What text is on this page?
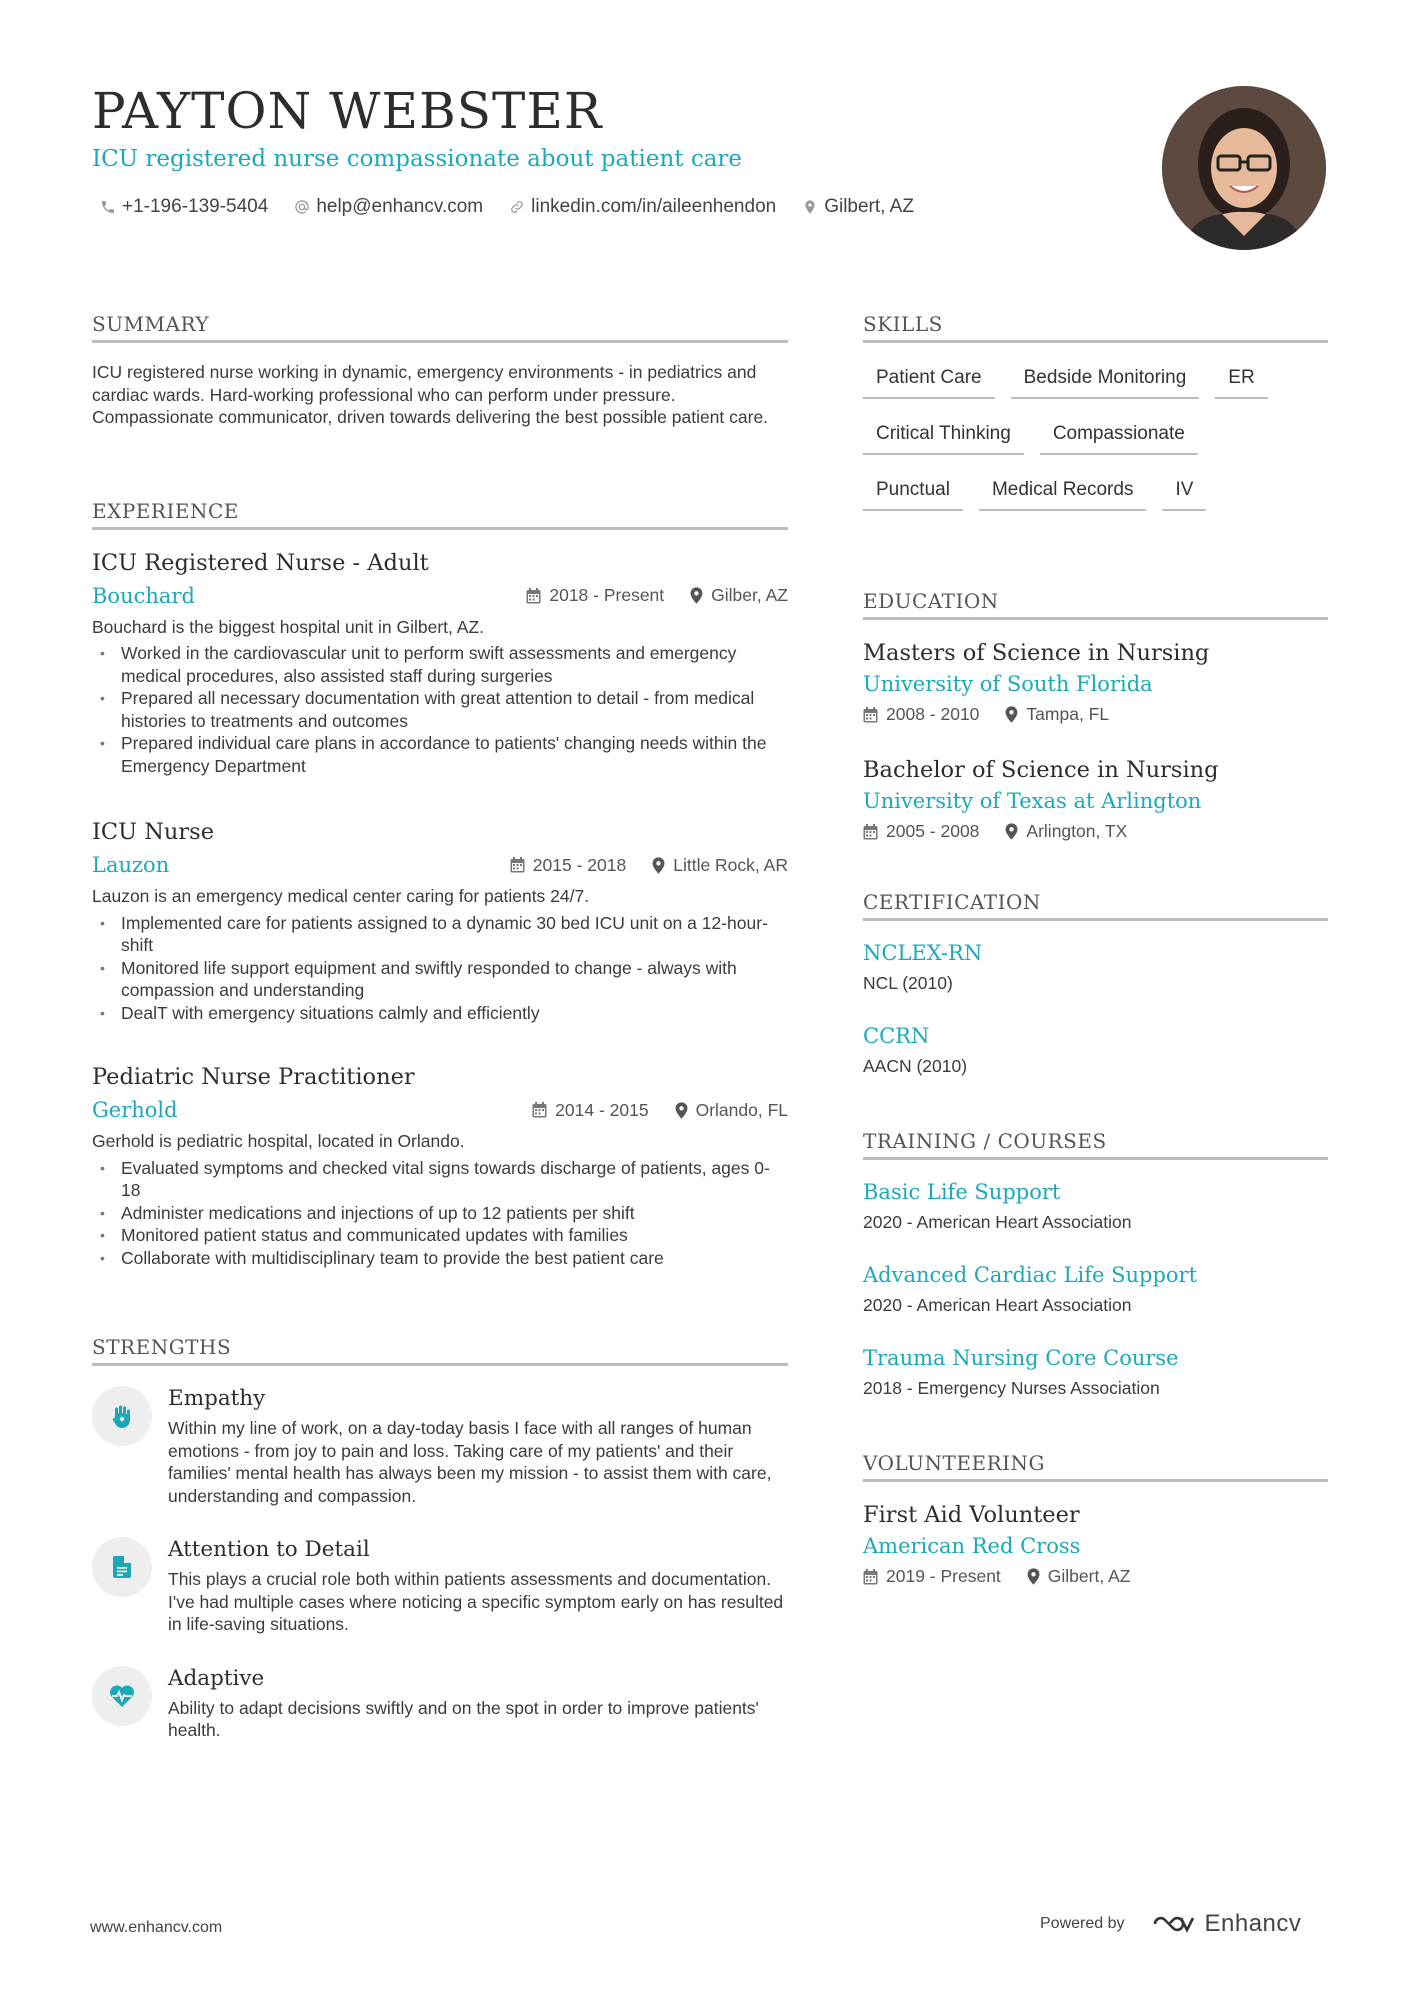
PAYTON WEBSTER
ICU registered nurse compassionate about patient care
+1-196-139-5404	help@enhancv.com	linkedin.com/in/aileenhendon	Gilbert, AZ
SUMMARY
ICU registered nurse working in dynamic, emergency environments - in pediatrics and cardiac wards. Hard-working professional who can perform under pressure. Compassionate communicator, driven towards delivering the best possible patient care.
EXPERIENCE
ICU Registered Nurse - Adult
Bouchard	2018 - Present	Gilber, AZ
Bouchard is the biggest hospital unit in Gilbert, AZ.
• Worked in the cardiovascular unit to perform swift assessments and emergency medical procedures, also assisted staff during surgeries
• Prepared all necessary documentation with great attention to detail - from medical histories to treatments and outcomes
• Prepared individual care plans in accordance to patients' changing needs within the Emergency Department
ICU Nurse
Lauzon	2015 - 2018	Little Rock, AR
Lauzon is an emergency medical center caring for patients 24/7.
• Implemented care for patients assigned to a dynamic 30 bed ICU unit on a 12-hour-shift
• Monitored life support equipment and swiftly responded to change - always with compassion and understanding
• DealT with emergency situations calmly and efficiently
Pediatric Nurse Practitioner
Gerhold	2014 - 2015	Orlando, FL
Gerhold is pediatric hospital, located in Orlando.
• Evaluated symptoms and checked vital signs towards discharge of patients, ages 0-18
• Administer medications and injections of up to 12 patients per shift
• Monitored patient status and communicated updates with families
• Collaborate with multidisciplinary team to provide the best patient care
STRENGTHS
Empathy
Within my line of work, on a day-today basis I face with all ranges of human emotions - from joy to pain and loss. Taking care of my patients' and their families' mental health has always been my mission - to assist them with care, understanding and compassion.
Attention to Detail
This plays a crucial role both within patients assessments and documentation. I've had multiple cases where noticing a specific symptom early on has resulted in life-saving situations.
Adaptive
Ability to adapt decisions swiftly and on the spot in order to improve patients' health.
SKILLS
Patient Care	Bedside Monitoring	ER
Critical Thinking	Compassionate
Punctual	Medical Records	IV
EDUCATION
Masters of Science in Nursing
University of South Florida
2008 - 2010	Tampa, FL
Bachelor of Science in Nursing
University of Texas at Arlington
2005 - 2008	Arlington, TX
CERTIFICATION
NCLEX-RN
NCL (2010)
CCRN
AACN (2010)
TRAINING / COURSES
Basic Life Support
2020 - American Heart Association
Advanced Cardiac Life Support
2020 - American Heart Association
Trauma Nursing Core Course
2018 - Emergency Nurses Association
VOLUNTEERING
First Aid Volunteer
American Red Cross
2019 - Present	Gilbert, AZ
www.enhancv.com	Powered by	Enhancv
